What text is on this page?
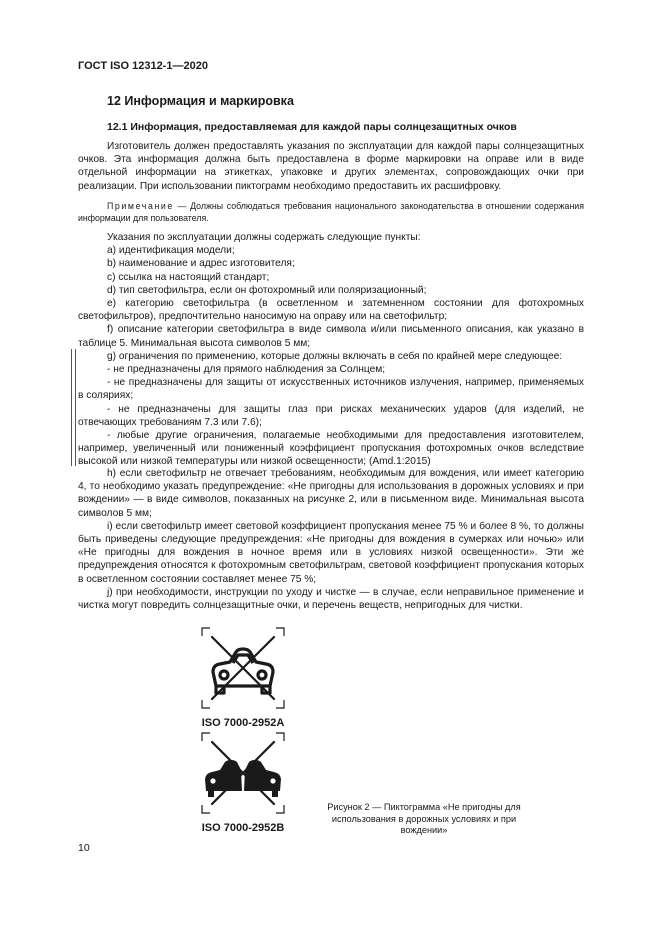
ГОСТ ISO 12312-1—2020
12 Информация и маркировка
12.1 Информация, предоставляемая для каждой пары солнцезащитных очков

Изготовитель должен предоставлять указания по эксплуатации для каждой пары солнцезащитных очков. Эта информация должна быть предоставлена в форме маркировки на оправе или в виде отдельной информации на этикетках, упаковке и других элементах, сопровождающих очки при реализации. При использовании пиктограмм необходимо предоставить их расшифровку.

Примечание — Должны соблюдаться требования национального законодательства в отношении содержания информации для пользователя.

Указания по эксплуатации должны содержать следующие пункты:

a) идентификация модели;

b) наименование и адрес изготовителя;

c) ссылка на настоящий стандарт;

d) тип светофильтра, если он фотохромный или поляризационный;

e) категорию светофильтра (в осветленном и затемненном состоянии для фотохромных светофильтров), предпочтительно наносимую на оправу или на светофильтр;

f) описание категории светофильтра в виде символа и/или письменного описания, как указано в таблице 5. Минимальная высота символов 5 мм;

g) ограничения по применению, которые должны включать в себя по крайней мере следующее:

- не предназначены для прямого наблюдения за Солнцем;

- не предназначены для защиты от искусственных источников излучения, например, применяемых в соляриях;

- не предназначены для защиты глаз при рисках механических ударов (для изделий, не отвечающих требованиям 7.3 или 7.6);

- любые другие ограничения, полагаемые необходимыми для предоставления изготовителем, например, увеличенный или пониженный коэффициент пропускания фотохромных очков вследствие высокой или низкой температуры или низкой освещенности; (Amd.1:2015)

h) если светофильтр не отвечает требованиям, необходимым для вождения, или имеет категорию 4, то необходимо указать предупреждение: «Не пригодны для использования в дорожных условиях и при вождении» — в виде символов, показанных на рисунке 2, или в письменном виде. Минимальная высота символов 5 мм;

i) если светофильтр имеет световой коэффициент пропускания менее 75 % и более 8 %, то должны быть приведены следующие предупреждения: «Не пригодны для вождения в сумерках или ночью» или «Не пригодны для вождения в ночное время или в условиях низкой освещенности». Эти же предупреждения относятся к фотохромным светофильтрам, световой коэффициент пропускания которых в осветленном состоянии составляет менее 75 %;

j) при необходимости, инструкции по уходу и чистке — в случае, если неправильное применение и чистка могут повредить солнцезащитные очки, и перечень веществ, непригодных для чистки.

ISO 7000-2952A
ISO 7000-2952B
Рисунок 2 — Пиктограмма «Не пригодны для использования в дорожных условиях и при вождении»
10
